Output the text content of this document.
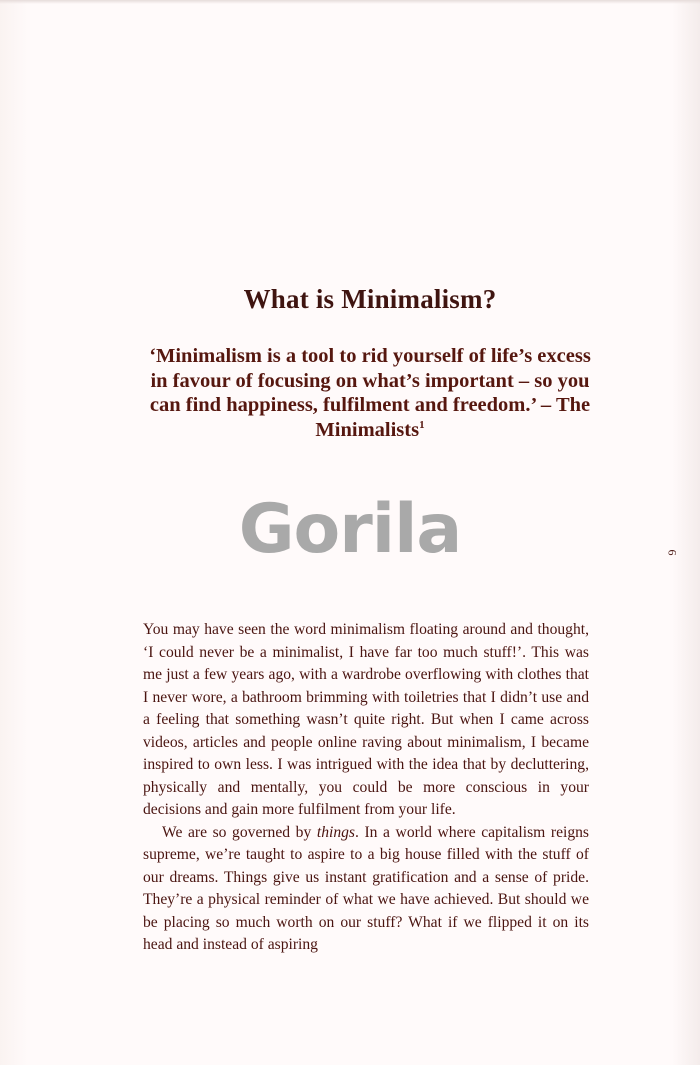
What is Minimalism?

‘Minimalism is a tool to rid yourself of life’s excess in favour of focusing on what’s important – so you can find happiness, fulfilment and freedom.’ – The Minimalists$^1$

Gorila	6

You may have seen the word minimalism floating around and thought, ‘I could never be a minimalist, I have far too much stuff!’. This was me just a few years ago, with a wardrobe overflowing with clothes that I never wore, a bathroom brimming with toiletries that I didn’t use and a feeling that something wasn’t quite right. But when I came across videos, articles and people online raving about minimalism, I became inspired to own less. I was intrigued with the idea that by decluttering, physically and mentally, you could be more conscious in your decisions and gain more fulfilment from your life.

We are so governed by things. In a world where capitalism reigns supreme, we’re taught to aspire to a big house filled with the stuff of our dreams. Things give us instant gratification and a sense of pride. They’re a physical reminder of what we have achieved. But should we be placing so much worth on our stuff? What if we flipped it on its head and instead of aspiring
